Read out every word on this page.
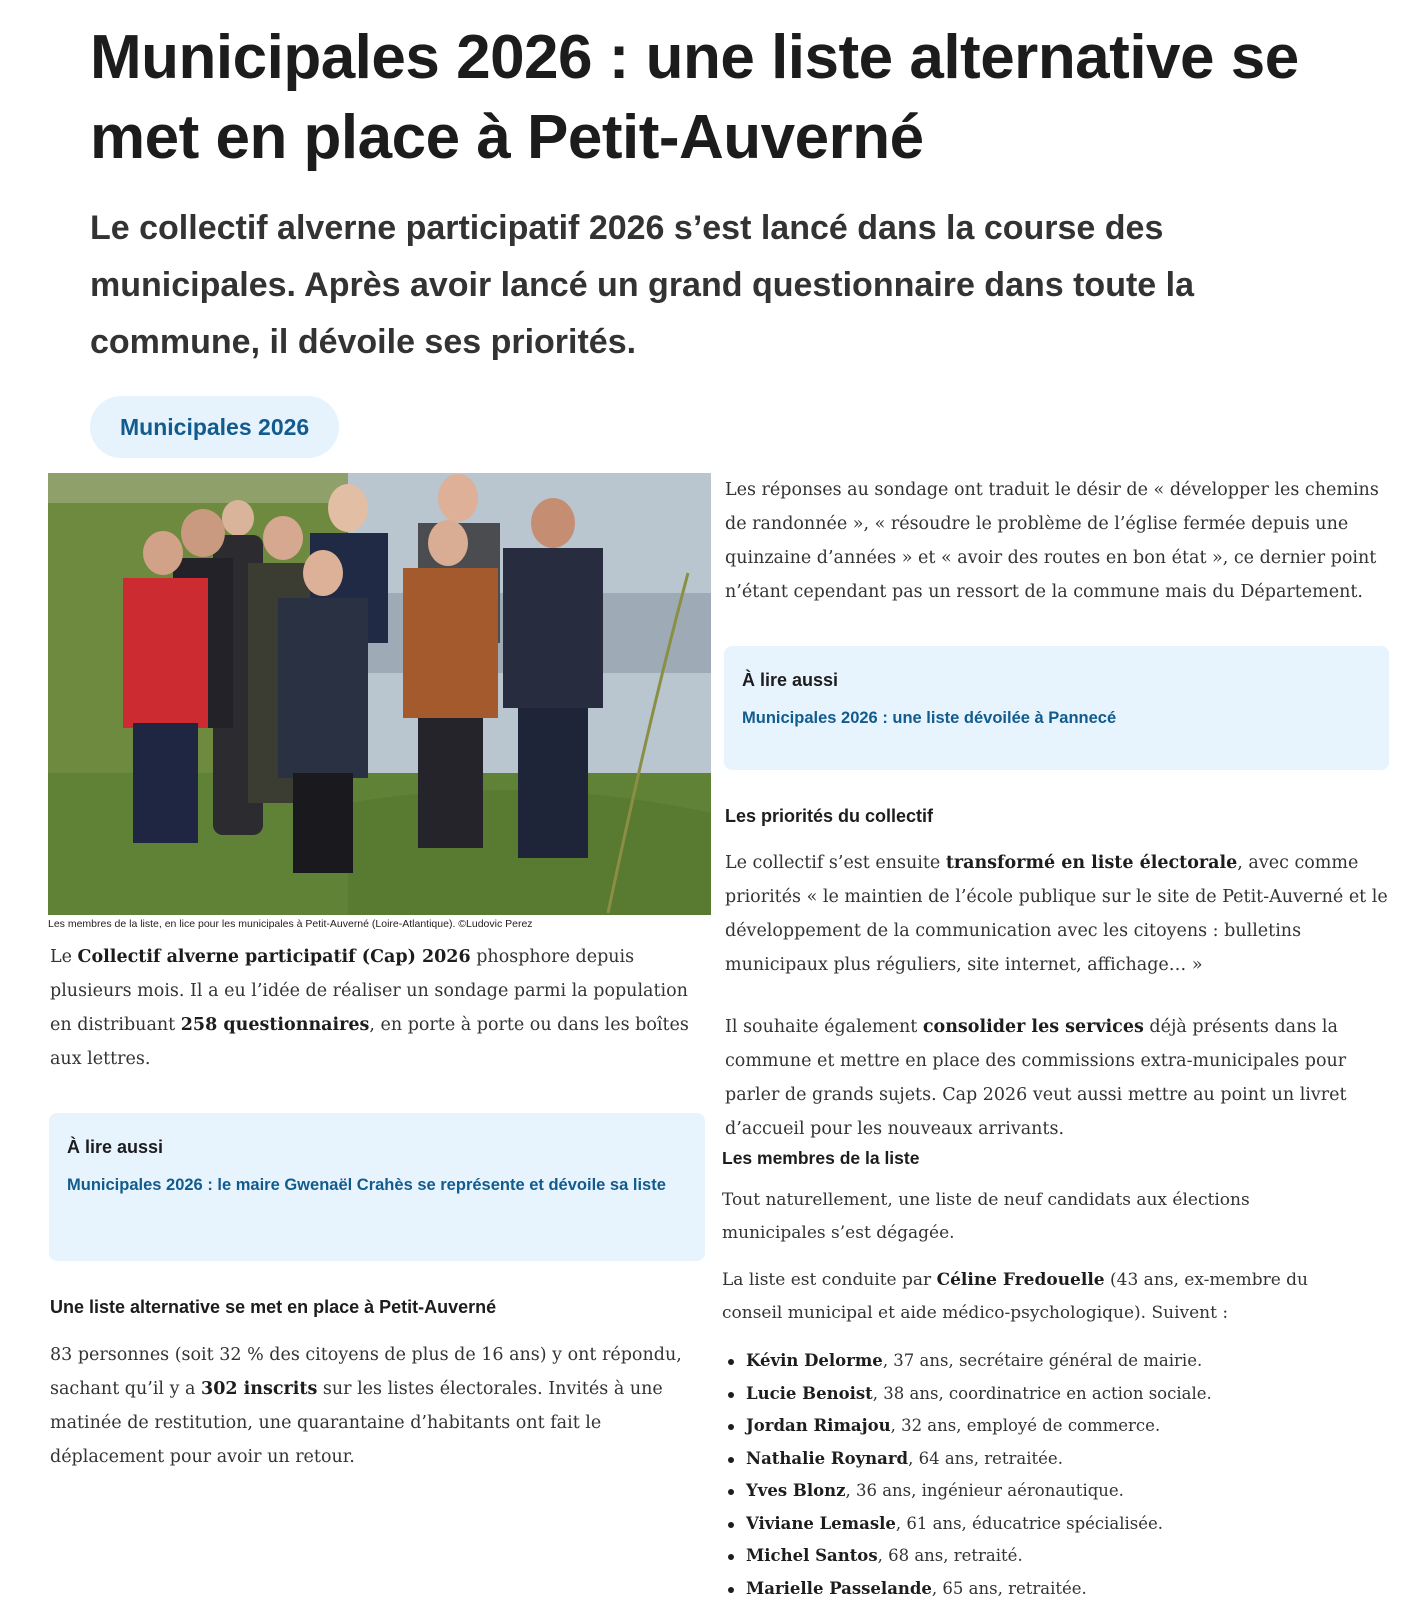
Municipales 2026 : une liste alternative se met en place à Petit-Auverné

Le collectif alverne participatif 2026 s’est lancé dans la course des municipales. Après avoir lancé un grand questionnaire dans toute la commune, il dévoile ses priorités.

Municipales 2026

Les membres de la liste, en lice pour les municipales à Petit-Auverné (Loire-Atlantique). ©Ludovic Perez

Le Collectif alverne participatif (Cap) 2026 phosphore depuis plusieurs mois. Il a eu l’idée de réaliser un sondage parmi la population en distribuant 258 questionnaires, en porte à porte ou dans les boîtes aux lettres.

À lire aussi

Municipales 2026 : le maire Gwenaël Crahès se représente et dévoile sa liste
Une liste alternative se met en place à Petit-Auverné

83 personnes (soit 32 % des citoyens de plus de 16 ans) y ont répondu, sachant qu’il y a 302 inscrits sur les listes électorales. Invités à une matinée de restitution, une quarantaine d’habitants ont fait le déplacement pour avoir un retour.

Les réponses au sondage ont traduit le désir de « développer les chemins de randonnée », « résoudre le problème de l’église fermée depuis une quinzaine d’années » et « avoir des routes en bon état », ce dernier point n’étant cependant pas un ressort de la commune mais du Département.

À lire aussi

Municipales 2026 : une liste dévoilée à Pannecé
Les priorités du collectif

Le collectif s’est ensuite transformé en liste électorale, avec comme priorités « le maintien de l’école publique sur le site de Petit-Auverné et le développement de la communication avec les citoyens : bulletins municipaux plus réguliers, site internet, affichage… »

Il souhaite également consolider les services déjà présents dans la commune et mettre en place des commissions extra-municipales pour parler de grands sujets. Cap 2026 veut aussi mettre au point un livret d’accueil pour les nouveaux arrivants.

Les membres de la liste

Tout naturellement, une liste de neuf candidats aux élections municipales s’est dégagée.

La liste est conduite par Céline Fredouelle (43 ans, ex-membre du conseil municipal et aide médico-psychologique). Suivent :

Kévin Delorme, 37 ans, secrétaire général de mairie.
Lucie Benoist, 38 ans, coordinatrice en action sociale.
Jordan Rimajou, 32 ans, employé de commerce.
Nathalie Roynard, 64 ans, retraitée.
Yves Blonz, 36 ans, ingénieur aéronautique.
Viviane Lemasle, 61 ans, éducatrice spécialisée.
Michel Santos, 68 ans, retraité.
Marielle Passelande, 65 ans, retraitée.
